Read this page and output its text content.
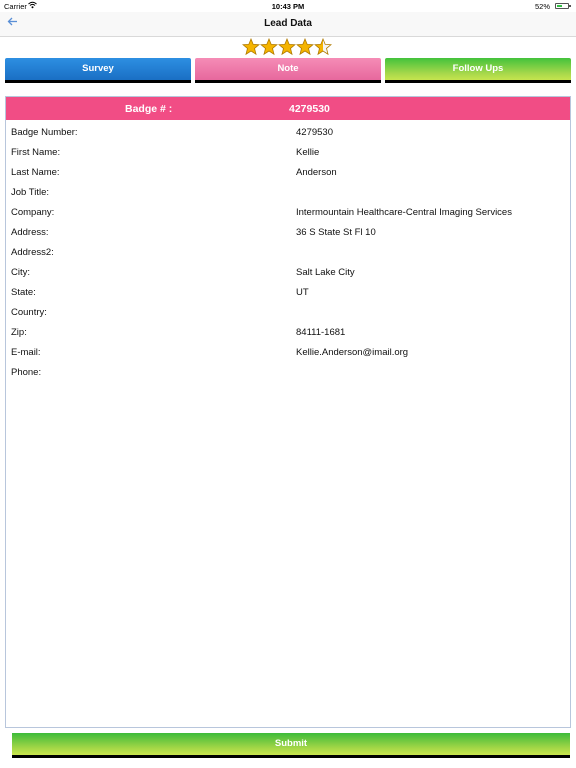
Carrier	10:43 PM	52%
Lead Data
Survey	Note	Follow Ups
Badge # :	4279530
Badge Number:	4279530
First Name:	Kellie
Last Name:	Anderson
Job Title:
Company:	Intermountain Healthcare-Central Imaging Services
Address:	36 S State St Fl 10
Address2:
City:	Salt Lake City
State:	UT
Country:
Zip:	84111-1681
E-mail:	Kellie.Anderson@imail.org
Phone:
Submit
